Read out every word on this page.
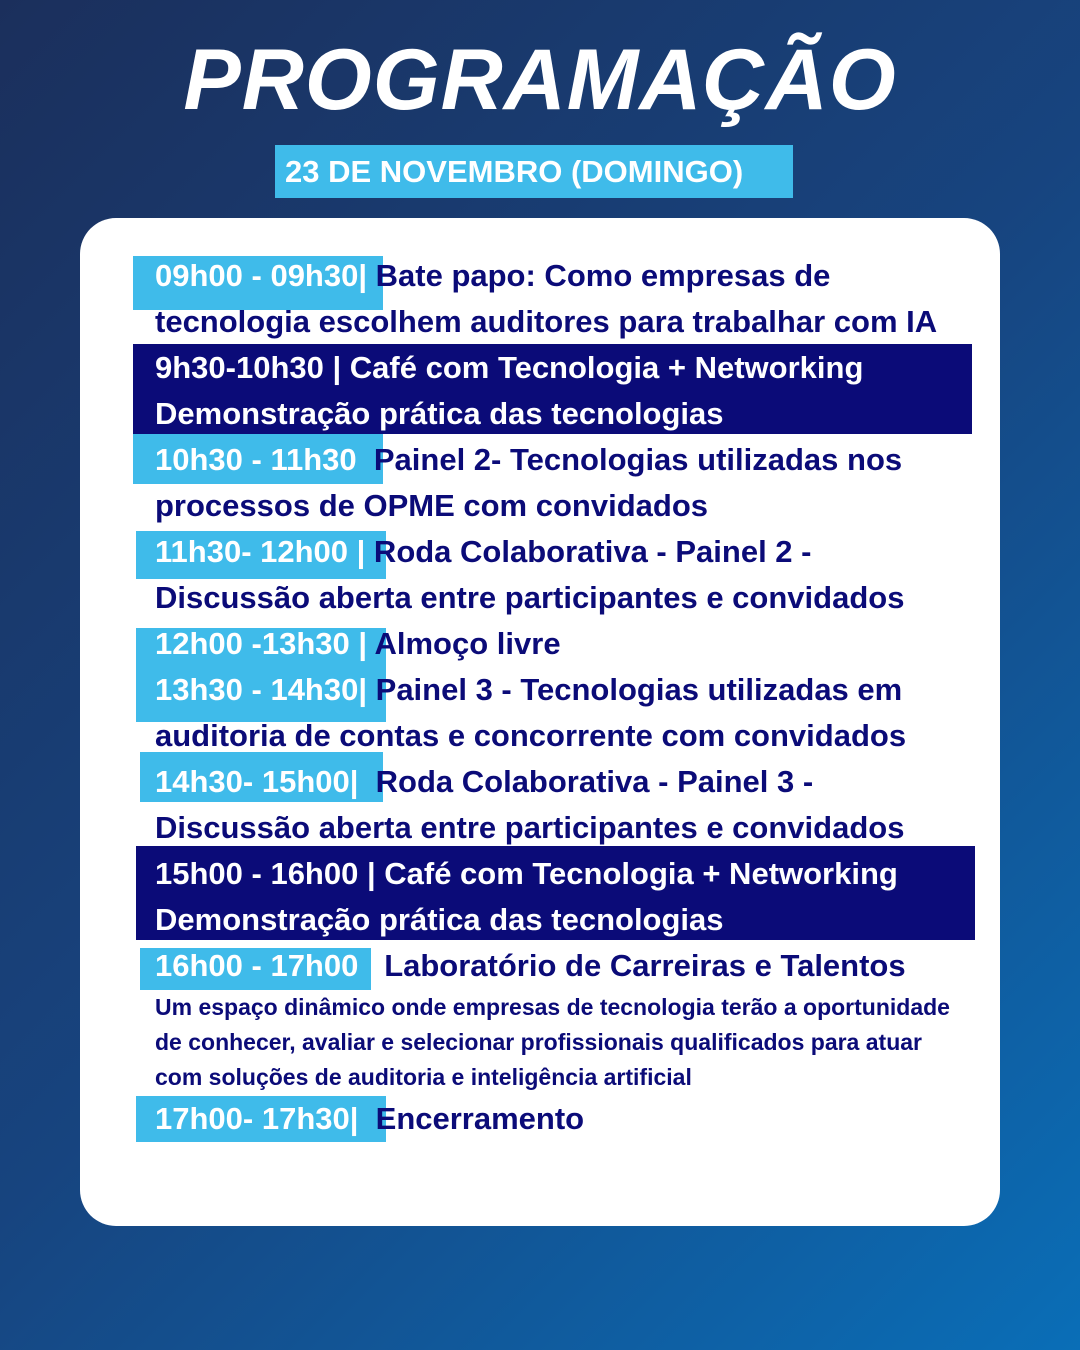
PROGRAMAÇÃO
23 DE NOVEMBRO (DOMINGO)
09h00 - 09h30| Bate papo: Como empresas de
tecnologia escolhem auditores para trabalhar com IA
9h30-10h30 | Café com Tecnologia + Networking
Demonstração prática das tecnologias
10h30 - 11h30  Painel 2- Tecnologias utilizadas nos
processos de OPME com convidados
11h30- 12h00 | Roda Colaborativa - Painel 2 -
Discussão aberta entre participantes e convidados
12h00 -13h30 | Almoço livre
13h30 - 14h30| Painel 3 - Tecnologias utilizadas em
auditoria de contas e concorrente com convidados
14h30- 15h00|  Roda Colaborativa - Painel 3 -
Discussão aberta entre participantes e convidados
15h00 - 16h00 | Café com Tecnologia + Networking
Demonstração prática das tecnologias
16h00 - 17h00   Laboratório de Carreiras e Talentos
Um espaço dinâmico onde empresas de tecnologia terão a oportunidade
de conhecer, avaliar e selecionar profissionais qualificados para atuar
com soluções de auditoria e inteligência artificial
17h00- 17h30|  Encerramento
